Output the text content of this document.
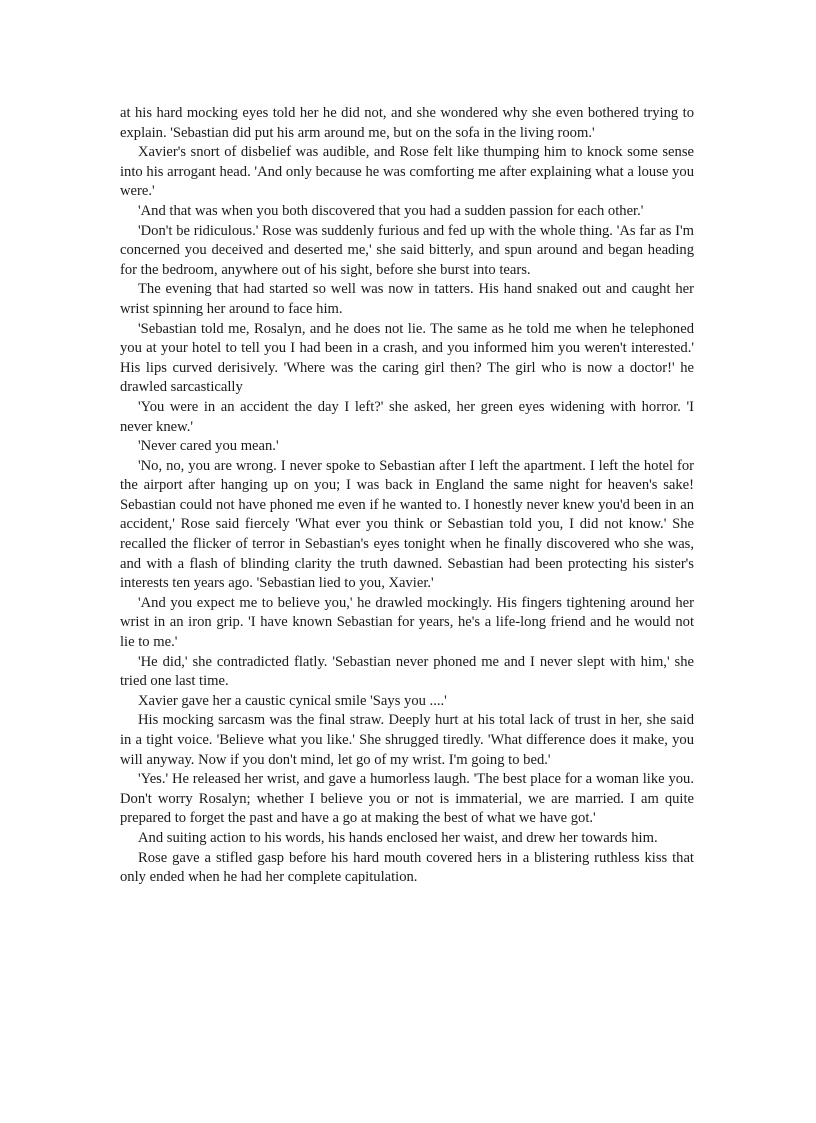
at his hard mocking eyes told her he did not, and she wondered why she even bothered trying to explain. 'Sebastian did put his arm around me, but on the sofa in the living room.'

Xavier's snort of disbelief was audible, and Rose felt like thumping him to knock some sense into his arrogant head. 'And only because he was comforting me after explaining what a louse you were.'

'And that was when you both discovered that you had a sudden passion for each other.'

'Don't be ridiculous.' Rose was suddenly furious and fed up with the whole thing. 'As far as I'm concerned you deceived and deserted me,' she said bitterly, and spun around and began heading for the bedroom, anywhere out of his sight, before she burst into tears.

The evening that had started so well was now in tatters. His hand snaked out and caught her wrist spinning her around to face him.

'Sebastian told me, Rosalyn, and he does not lie. The same as he told me when he telephoned you at your hotel to tell you I had been in a crash, and you informed him you weren't interested.' His lips curved derisively. 'Where was the caring girl then? The girl who is now a doctor!' he drawled sarcastically

'You were in an accident the day I left?' she asked, her green eyes widening with horror. 'I never knew.'

'Never cared you mean.'

'No, no, you are wrong. I never spoke to Sebastian after I left the apartment. I left the hotel for the airport after hanging up on you; I was back in England the same night for heaven's sake! Sebastian could not have phoned me even if he wanted to. I honestly never knew you'd been in an accident,' Rose said fiercely 'What ever you think or Sebastian told you, I did not know.' She recalled the flicker of terror in Sebastian's eyes tonight when he finally discovered who she was, and with a flash of blinding clarity the truth dawned. Sebastian had been protecting his sister's interests ten years ago. 'Sebastian lied to you, Xavier.'

'And you expect me to believe you,' he drawled mockingly. His fingers tightening around her wrist in an iron grip. 'I have known Sebastian for years, he's a life-long friend and he would not lie to me.'

'He did,' she contradicted flatly. 'Sebastian never phoned me and I never slept with him,' she tried one last time.

Xavier gave her a caustic cynical smile 'Says you ....'

His mocking sarcasm was the final straw. Deeply hurt at his total lack of trust in her, she said in a tight voice. 'Believe what you like.' She shrugged tiredly. 'What difference does it make, you will anyway. Now if you don't mind, let go of my wrist. I'm going to bed.'

'Yes.' He released her wrist, and gave a humorless laugh. 'The best place for a woman like you. Don't worry Rosalyn; whether I believe you or not is immaterial, we are married. I am quite prepared to forget the past and have a go at making the best of what we have got.'

And suiting action to his words, his hands enclosed her waist, and drew her towards him.

Rose gave a stifled gasp before his hard mouth covered hers in a blistering ruthless kiss that only ended when he had her complete capitulation.
